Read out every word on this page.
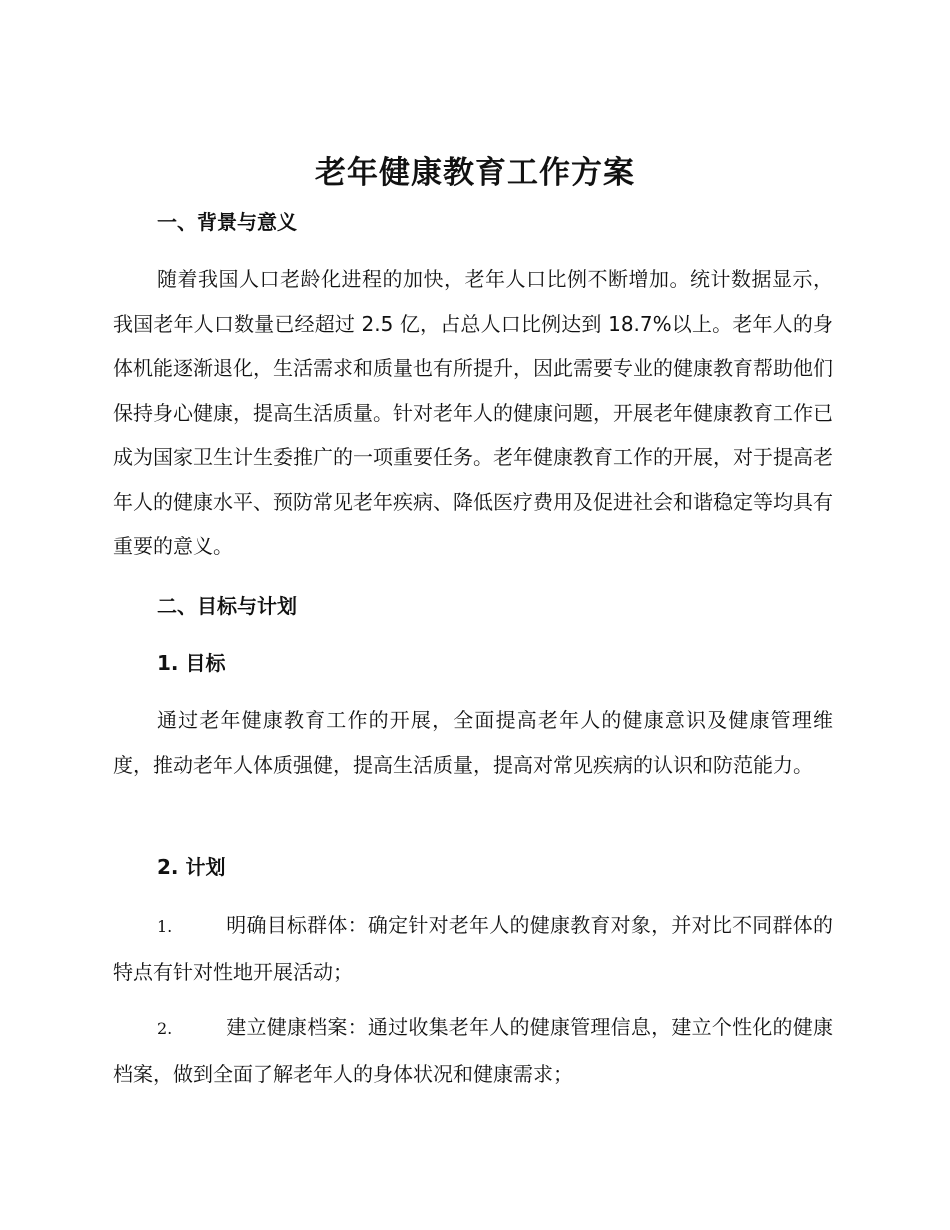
老年健康教育工作方案
一、背景与意义

随着我国人口老龄化进程的加快，老年人口比例不断增加。统计数据显示，我国老年人口数量已经超过 2.5 亿，占总人口比例达到 18.7%以上。老年人的身体机能逐渐退化，生活需求和质量也有所提升，因此需要专业的健康教育帮助他们保持身心健康，提高生活质量。针对老年人的健康问题，开展老年健康教育工作已成为国家卫生计生委推广的一项重要任务。老年健康教育工作的开展，对于提高老年人的健康水平、预防常见老年疾病、降低医疗费用及促进社会和谐稳定等均具有重要的意义。

二、目标与计划
1. 目标

通过老年健康教育工作的开展，全面提高老年人的健康意识及健康管理维度，推动老年人体质强健，提高生活质量，提高对常见疾病的认识和防范能力。

2. 计划

1.	明确目标群体：确定针对老年人的健康教育对象，并对比不同群体的特点有针对性地开展活动；

2.	建立健康档案：通过收集老年人的健康管理信息，建立个性化的健康档案，做到全面了解老年人的身体状况和健康需求；
